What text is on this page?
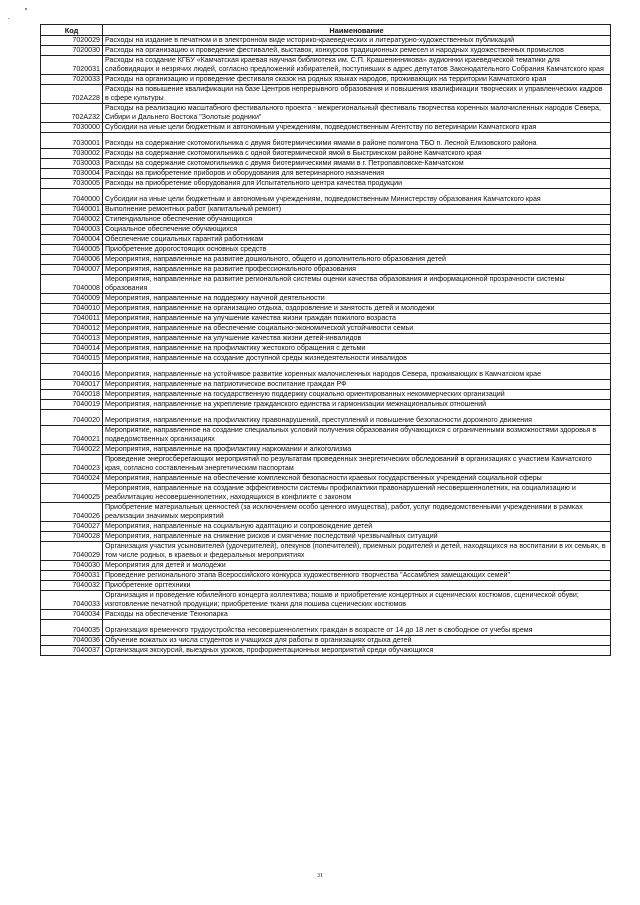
Код	Наименование
7020029	Расходы на издание в печатном и в электронном виде историко-краеведческих и литературно-художественных публикаций
7020030	Расходы на организацию и проведение фестивалей, выставок, конкурсов традиционных ремесел и народных художественных промыслов
7020031	Расходы на создание КГБУ «Камчатская краевая научная библиотека им. С.П. Крашенинникова» аудионнки краеведческой тематики для слабовидящих и незрячих людей, согласно предложений избирателей, поступивших в адрес депутатов Законодательного Собрания Камчатского края
7020033	Расходы на организацию и проведение фестиваля сказок на родных языках народов, проживающих на территории Камчатского края
702А228	Расходы на повышение квалификации на базе Центров непрерывного образования и повышения квалификации творческих и управленческих кадров в сфере культуры
702А232	Расходы на реализацию масштабного фестивального проекта - межрегиональный фестиваль творчества коренных малочисленных народов Севера, Сибири и Дальнего Востока "Золотые родники"
7030000	Субсидии на иные цели бюджетным и автономным учреждениям, подведомственным Агентству по ветеринарии Камчатского края
7030001	Расходы на содержание скотомогильника с двумя биотермическими ямами в районе полигона ТБО п. Лесной Елизовского района
7030002	Расходы на содержание скотомогильника с одной биотермической ямой в Быстринском районе Камчатского края
7030003	Расходы на содержание скотомогильника с двумя биотермическими ямами в г. Петропавловске-Камчатском
7030004	Расходы на приобретение приборов и оборудования для ветеринарного назначения
7030005	Расходы на приобретение оборудования для Испытательного центра качества продукции
7040000	Субсидии на иные цели бюджетным и автономным учреждениям, подведомственным Министерству образования Камчатского края
7040001	Выполнение ремонтных работ (капитальный ремонт)
7040002	Стипендиальное обеспечение обучающихся
7040003	Социальное обеспечение обучающихся
7040004	Обеспечение социальных гарантий работникам
7040005	Приобретение дорогостоящих основных средств
7040006	Мероприятия, направленные на развитие дошкольного, общего и дополнительного образования детей
7040007	Мероприятия, направленные на развитие профессионального образования
7040008	Мероприятия, направленные на развитие региональной системы оценки качества образования и информационной прозрачности системы образования
7040009	Мероприятия, направленные на поддержку научной деятельности
7040010	Мероприятия, направленные на организацию отдыха, оздоровление и занятость детей и молодежи
7040011	Мероприятия, направленные на улучшение качества жизни граждан пожилого возраста
7040012	Мероприятия, направленные на обеспечение социально-экономической устойчивости семьи
7040013	Мероприятия, направленные на улучшение качества жизни детей-инвалидов
7040014	Мероприятия, направленные на профилактику жестокого обращения с детьми
7040015	Мероприятия, направленные на создание доступной среды жизнедеятельности инвалидов
7040016	Мероприятия, направленные на устойчивое развитие коренных малочисленных народов Севера, проживающих в Камчатском крае
7040017	Мероприятия, направленные на патриотическое воспитание граждан РФ
7040018	Мероприятия, направленные на государственную поддержку социально ориентированных некоммерческих организаций
7040019	Мероприятия, направленные на укрепление гражданского единства и гармонизации межнациональных отношений
7040020	Мероприятия, направленные на профилактику правонарушений, преступлений и повышение безопасности дорожного движения
7040021	Мероприятие, направленное на создание специальных условий получения образования обучающихся с ограниченными возможностями здоровья в подведомственных организациях
7040022	Мероприятия, направленные на профилактику наркомании и алкоголизма
7040023	Проведение энергосберегающих мероприятий по результатам проведенных энергетических обследований в организациях с участием Камчатского края, согласно составленным энергетическим паспортам
7040024	Мероприятия, направленные на обеспечение комплексной безопасности краевых государственных учреждений социальной сферы
7040025	Мероприятия, направленные на создание эффективности системы профилактики правонарушений несовершеннолетних, на социализацию и реабилитацию несовершеннолетних, находящихся в конфликте с законом
7040026	Приобретение материальных ценностей (за исключением особо ценного имущества), работ, услуг подведомственными учреждениями в рамках реализации значимых мероприятий
7040027	Мероприятия, направленные на социальную адаптацию и сопровождение детей
7040028	Мероприятия, направленные на снижение рисков и смягчение последствий чрезвычайных ситуаций
7040029	Организация участия усыновителей (удочерителей), опекунов (попечителей), приемных родителей и детей, находящихся на воспитании в их семьях, в том числе родных, в краевых и федеральных мероприятиях
7040030	Мероприятия для детей и молодежи
7040031	Проведение регионального этапа Всероссийского конкурса художественного творчества "Ассамблея замещающих семей"
7040032	Приобретение оргтехники
7040033	Организация и проведение юбилейного концерта коллектива; пошив и приобретение концертных и сценических костюмов, сценической обуви; изготовление печатной продукции; приобретение ткани для пошива сценических костюмов
7040034	Расходы на обеспечение Технопарка
7040035	Организация временного трудоустройства несовершеннолетних граждан в возрасте от 14 до 18 лет в свободное от учебы время
7040036	Обучение вожатых из числа студентов и учащихся для работы в организациях отдыха детей
7040037	Организация экскурсий, выездных уроков, профориентационных мероприятий среди обучающихся
31
